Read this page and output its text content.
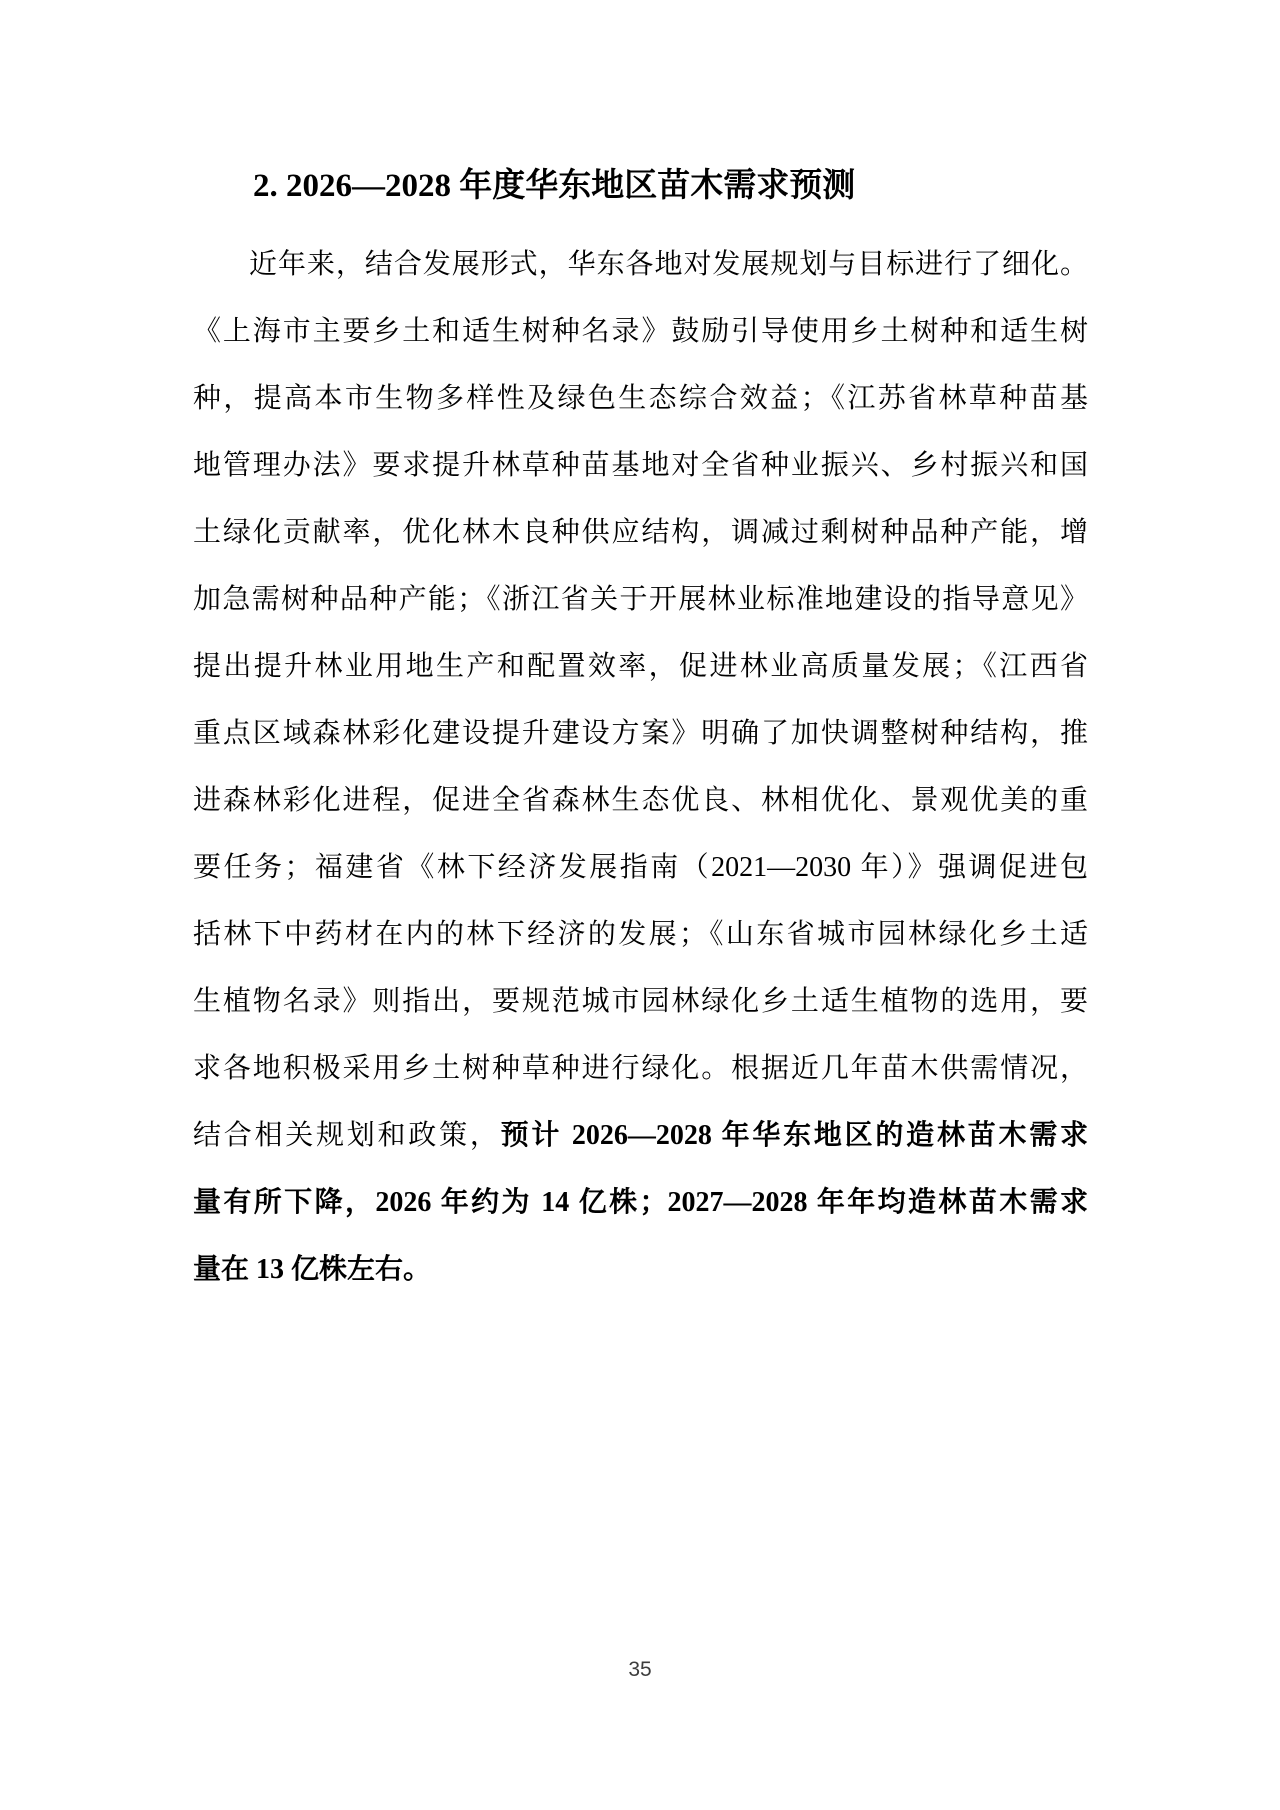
2. 2026—2028 年度华东地区苗木需求预测
近年来，结合发展形式，华东各地对发展规划与目标进行了细化。
《上海市主要乡土和适生树种名录》鼓励引导使用乡土树种和适生树
种，提高本市生物多样性及绿色生态综合效益；《江苏省林草种苗基
地管理办法》要求提升林草种苗基地对全省种业振兴、乡村振兴和国
土绿化贡献率，优化林木良种供应结构，调减过剩树种品种产能，增
加急需树种品种产能；《浙江省关于开展林业标准地建设的指导意见》
提出提升林业用地生产和配置效率，促进林业高质量发展；《江西省
重点区域森林彩化建设提升建设方案》明确了加快调整树种结构，推
进森林彩化进程，促进全省森林生态优良、林相优化、景观优美的重
要任务；福建省《林下经济发展指南（2021—2030 年）》强调促进包
括林下中药材在内的林下经济的发展；《山东省城市园林绿化乡土适
生植物名录》则指出，要规范城市园林绿化乡土适生植物的选用，要
求各地积极采用乡土树种草种进行绿化。根据近几年苗木供需情况，
结合相关规划和政策，预计 2026—2028 年华东地区的造林苗木需求
量有所下降，2026 年约为 14 亿株；2027—2028 年年均造林苗木需求
量在 13 亿株左右。
35
